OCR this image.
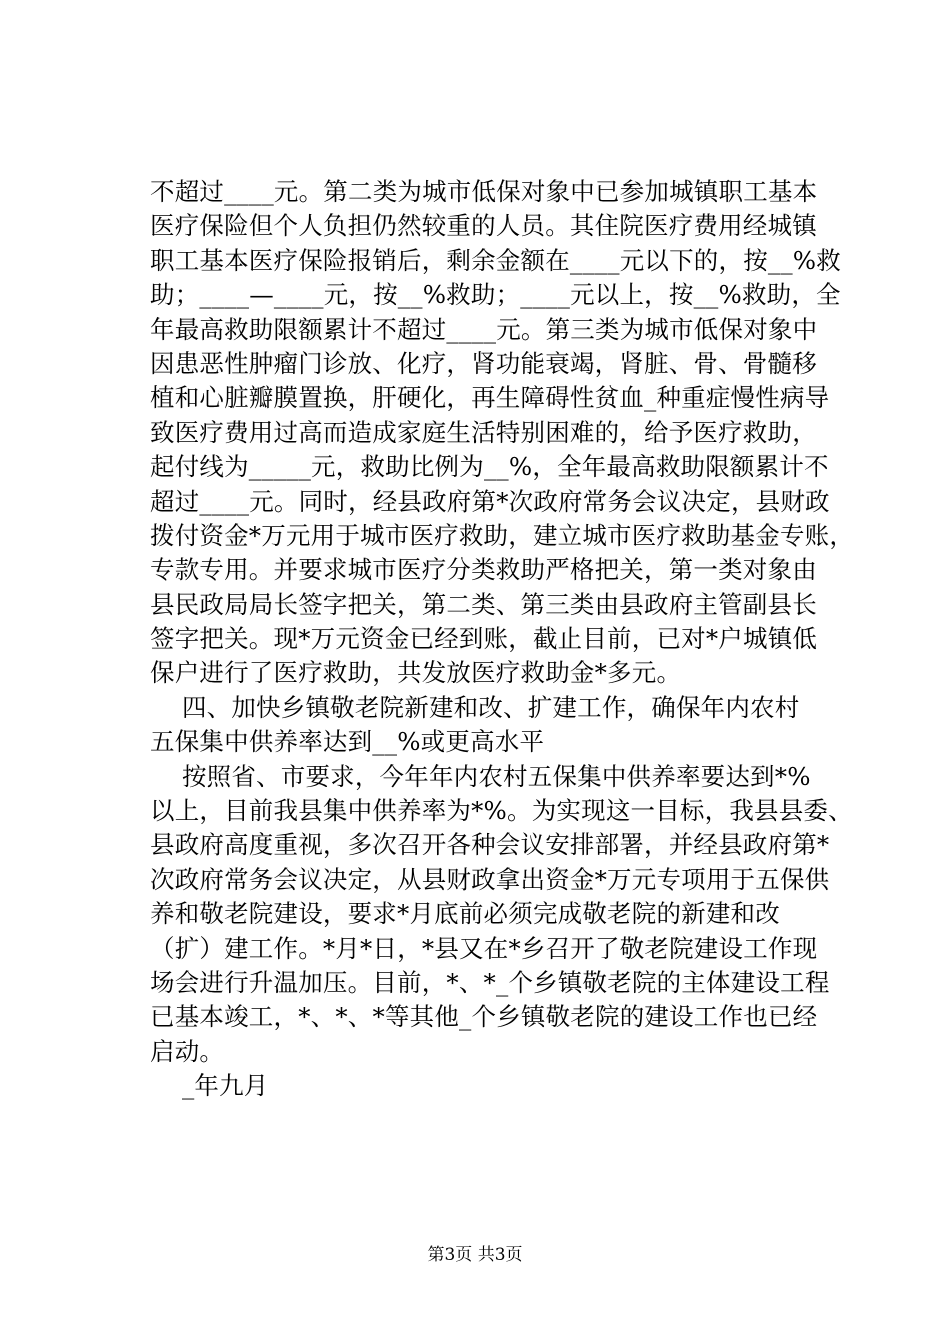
不超过____元。第二类为城市低保对象中已参加城镇职工基本
医疗保险但个人负担仍然较重的人员。其住院医疗费用经城镇
职工基本医疗保险报销后，剩余金额在____元以下的，按__%救
助；____—____元，按__%救助；____元以上，按__%救助，全
年最高救助限额累计不超过____元。第三类为城市低保对象中
因患恶性肿瘤门诊放、化疗，肾功能衰竭，肾脏、骨、骨髓移
植和心脏瓣膜置换，肝硬化，再生障碍性贫血_种重症慢性病导
致医疗费用过高而造成家庭生活特别困难的，给予医疗救助，
起付线为_____元，救助比例为__%，全年最高救助限额累计不
超过____元。同时，经县政府第*次政府常务会议决定，县财政
拨付资金*万元用于城市医疗救助，建立城市医疗救助基金专账，
专款专用。并要求城市医疗分类救助严格把关，第一类对象由
县民政局局长签字把关，第二类、第三类由县政府主管副县长
签字把关。现*万元资金已经到账，截止目前，已对*户城镇低
保户进行了医疗救助，共发放医疗救助金*多元。
四、加快乡镇敬老院新建和改、扩建工作，确保年内农村
五保集中供养率达到__%或更高水平
按照省、市要求，今年年内农村五保集中供养率要达到*%
以上，目前我县集中供养率为*%。为实现这一目标，我县县委、
县政府高度重视，多次召开各种会议安排部署，并经县政府第*
次政府常务会议决定，从县财政拿出资金*万元专项用于五保供
养和敬老院建设，要求*月底前必须完成敬老院的新建和改
（扩）建工作。*月*日，*县又在*乡召开了敬老院建设工作现
场会进行升温加压。目前，*、*_个乡镇敬老院的主体建设工程
已基本竣工，*、*、*等其他_个乡镇敬老院的建设工作也已经
启动。
_年九月
第3页 共3页
